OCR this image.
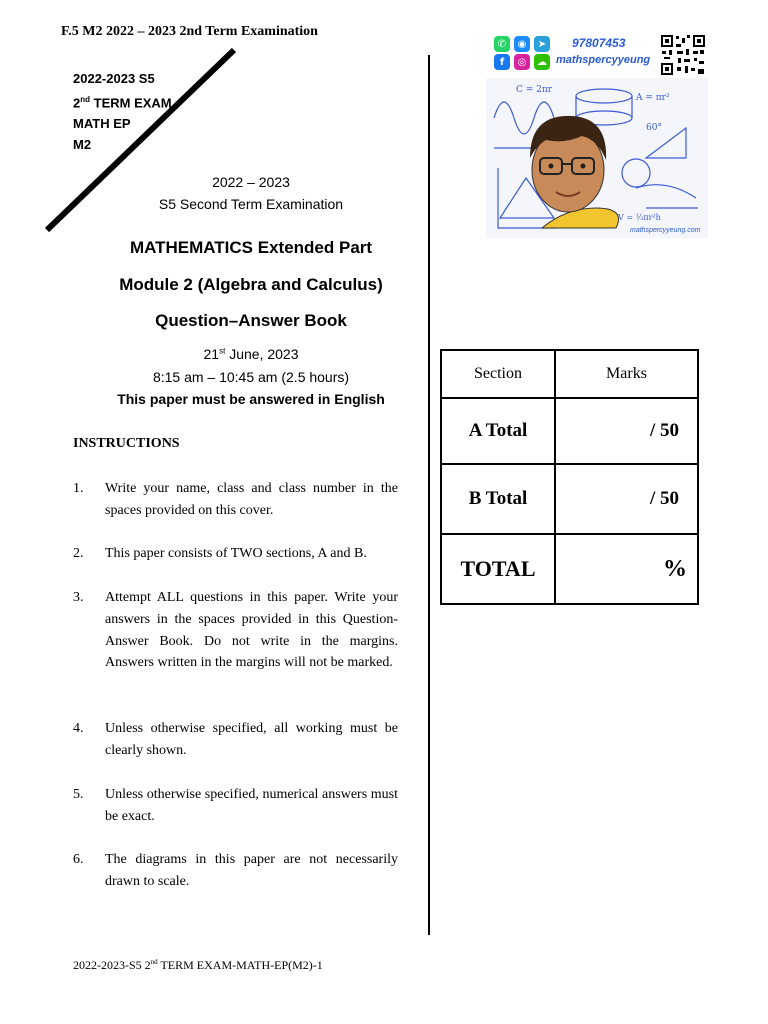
F.5 M2 2022 – 2023 2nd Term Examination
2022-2023 S5
2nd TERM EXAM
MATH EP
M2
2022 – 2023
S5 Second Term Examination
MATHEMATICS Extended Part
Module 2 (Algebra and Calculus)
Question–Answer Book
21st June, 2023
8:15 am – 10:45 am (2.5 hours)
This paper must be answered in English
INSTRUCTIONS
1. Write your name, class and class number in the spaces provided on this cover.
2. This paper consists of TWO sections, A and B.
3. Attempt ALL questions in this paper. Write your answers in the spaces provided in this Question-Answer Book. Do not write in the margins. Answers written in the margins will not be marked.
4. Unless otherwise specified, all working must be clearly shown.
5. Unless otherwise specified, numerical answers must be exact.
6. The diagrams in this paper are not necessarily drawn to scale.
✆	◉	➤
f	◎	☁
97807453
mathspercyyeung
C = 2πr
A = πr²
60°
V = ⅓πr²h
mathspercyyeung.com
Section	Marks
A Total	/ 50
B Total	/ 50
TOTAL	%
2022-2023-S5 2nd TERM EXAM-MATH-EP(M2)-1
